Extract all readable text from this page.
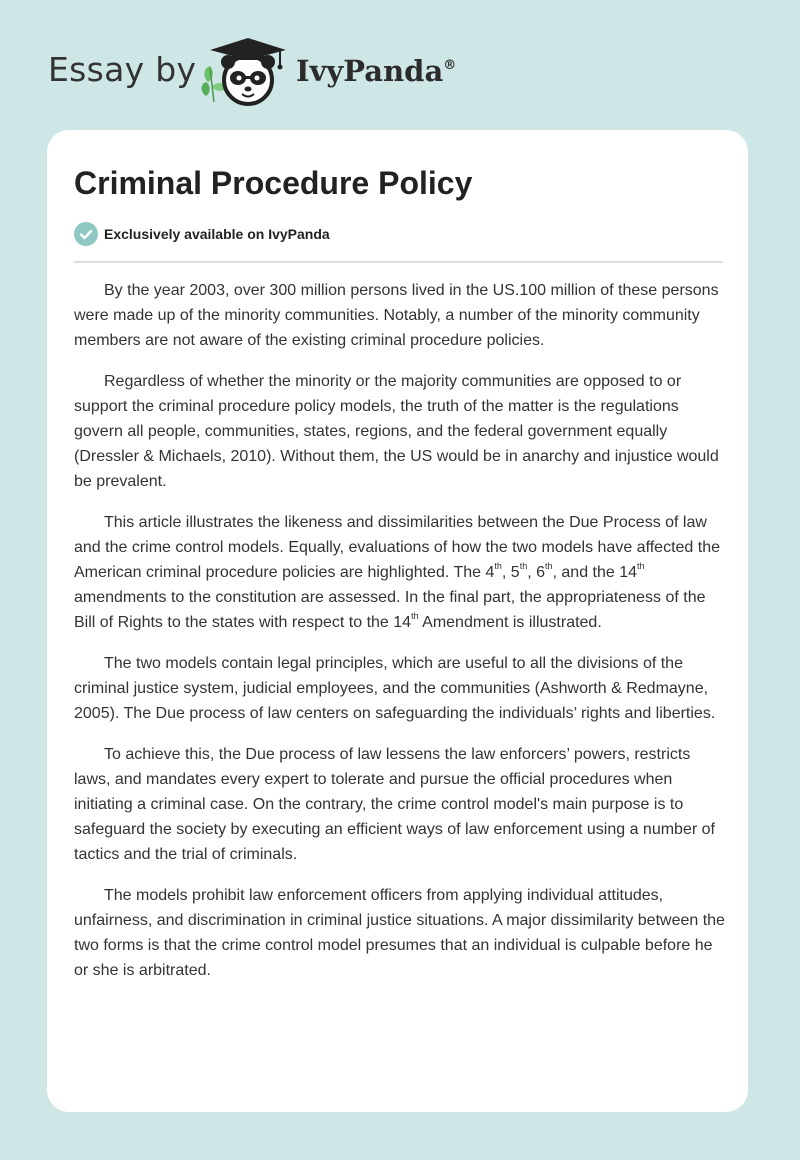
Essay by	IvyPanda®
Criminal Procedure Policy
Exclusively available on IvyPanda

By the year 2003, over 300 million persons lived in the US.100 million of these persons were made up of the minority communities. Notably, a number of the minority community members are not aware of the existing criminal procedure policies.

Regardless of whether the minority or the majority communities are opposed to or support the criminal procedure policy models, the truth of the matter is the regulations govern all people, communities, states, regions, and the federal government equally (Dressler & Michaels, 2010). Without them, the US would be in anarchy and injustice would be prevalent.

This article illustrates the likeness and dissimilarities between the Due Process of law and the crime control models. Equally, evaluations of how the two models have affected the American criminal procedure policies are highlighted. The 4th, 5th, 6th, and the 14th amendments to the constitution are assessed. In the final part, the appropriateness of the Bill of Rights to the states with respect to the 14th Amendment is illustrated.

The two models contain legal principles, which are useful to all the divisions of the criminal justice system, judicial employees, and the communities (Ashworth & Redmayne, 2005). The Due process of law centers on safeguarding the individuals’ rights and liberties.

To achieve this, the Due process of law lessens the law enforcers’ powers, restricts laws, and mandates every expert to tolerate and pursue the official procedures when initiating a criminal case. On the contrary, the crime control model's main purpose is to safeguard the society by executing an efficient ways of law enforcement using a number of tactics and the trial of criminals.

The models prohibit law enforcement officers from applying individual attitudes, unfairness, and discrimination in criminal justice situations. A major dissimilarity between the two forms is that the crime control model presumes that an individual is culpable before he or she is arbitrated.
